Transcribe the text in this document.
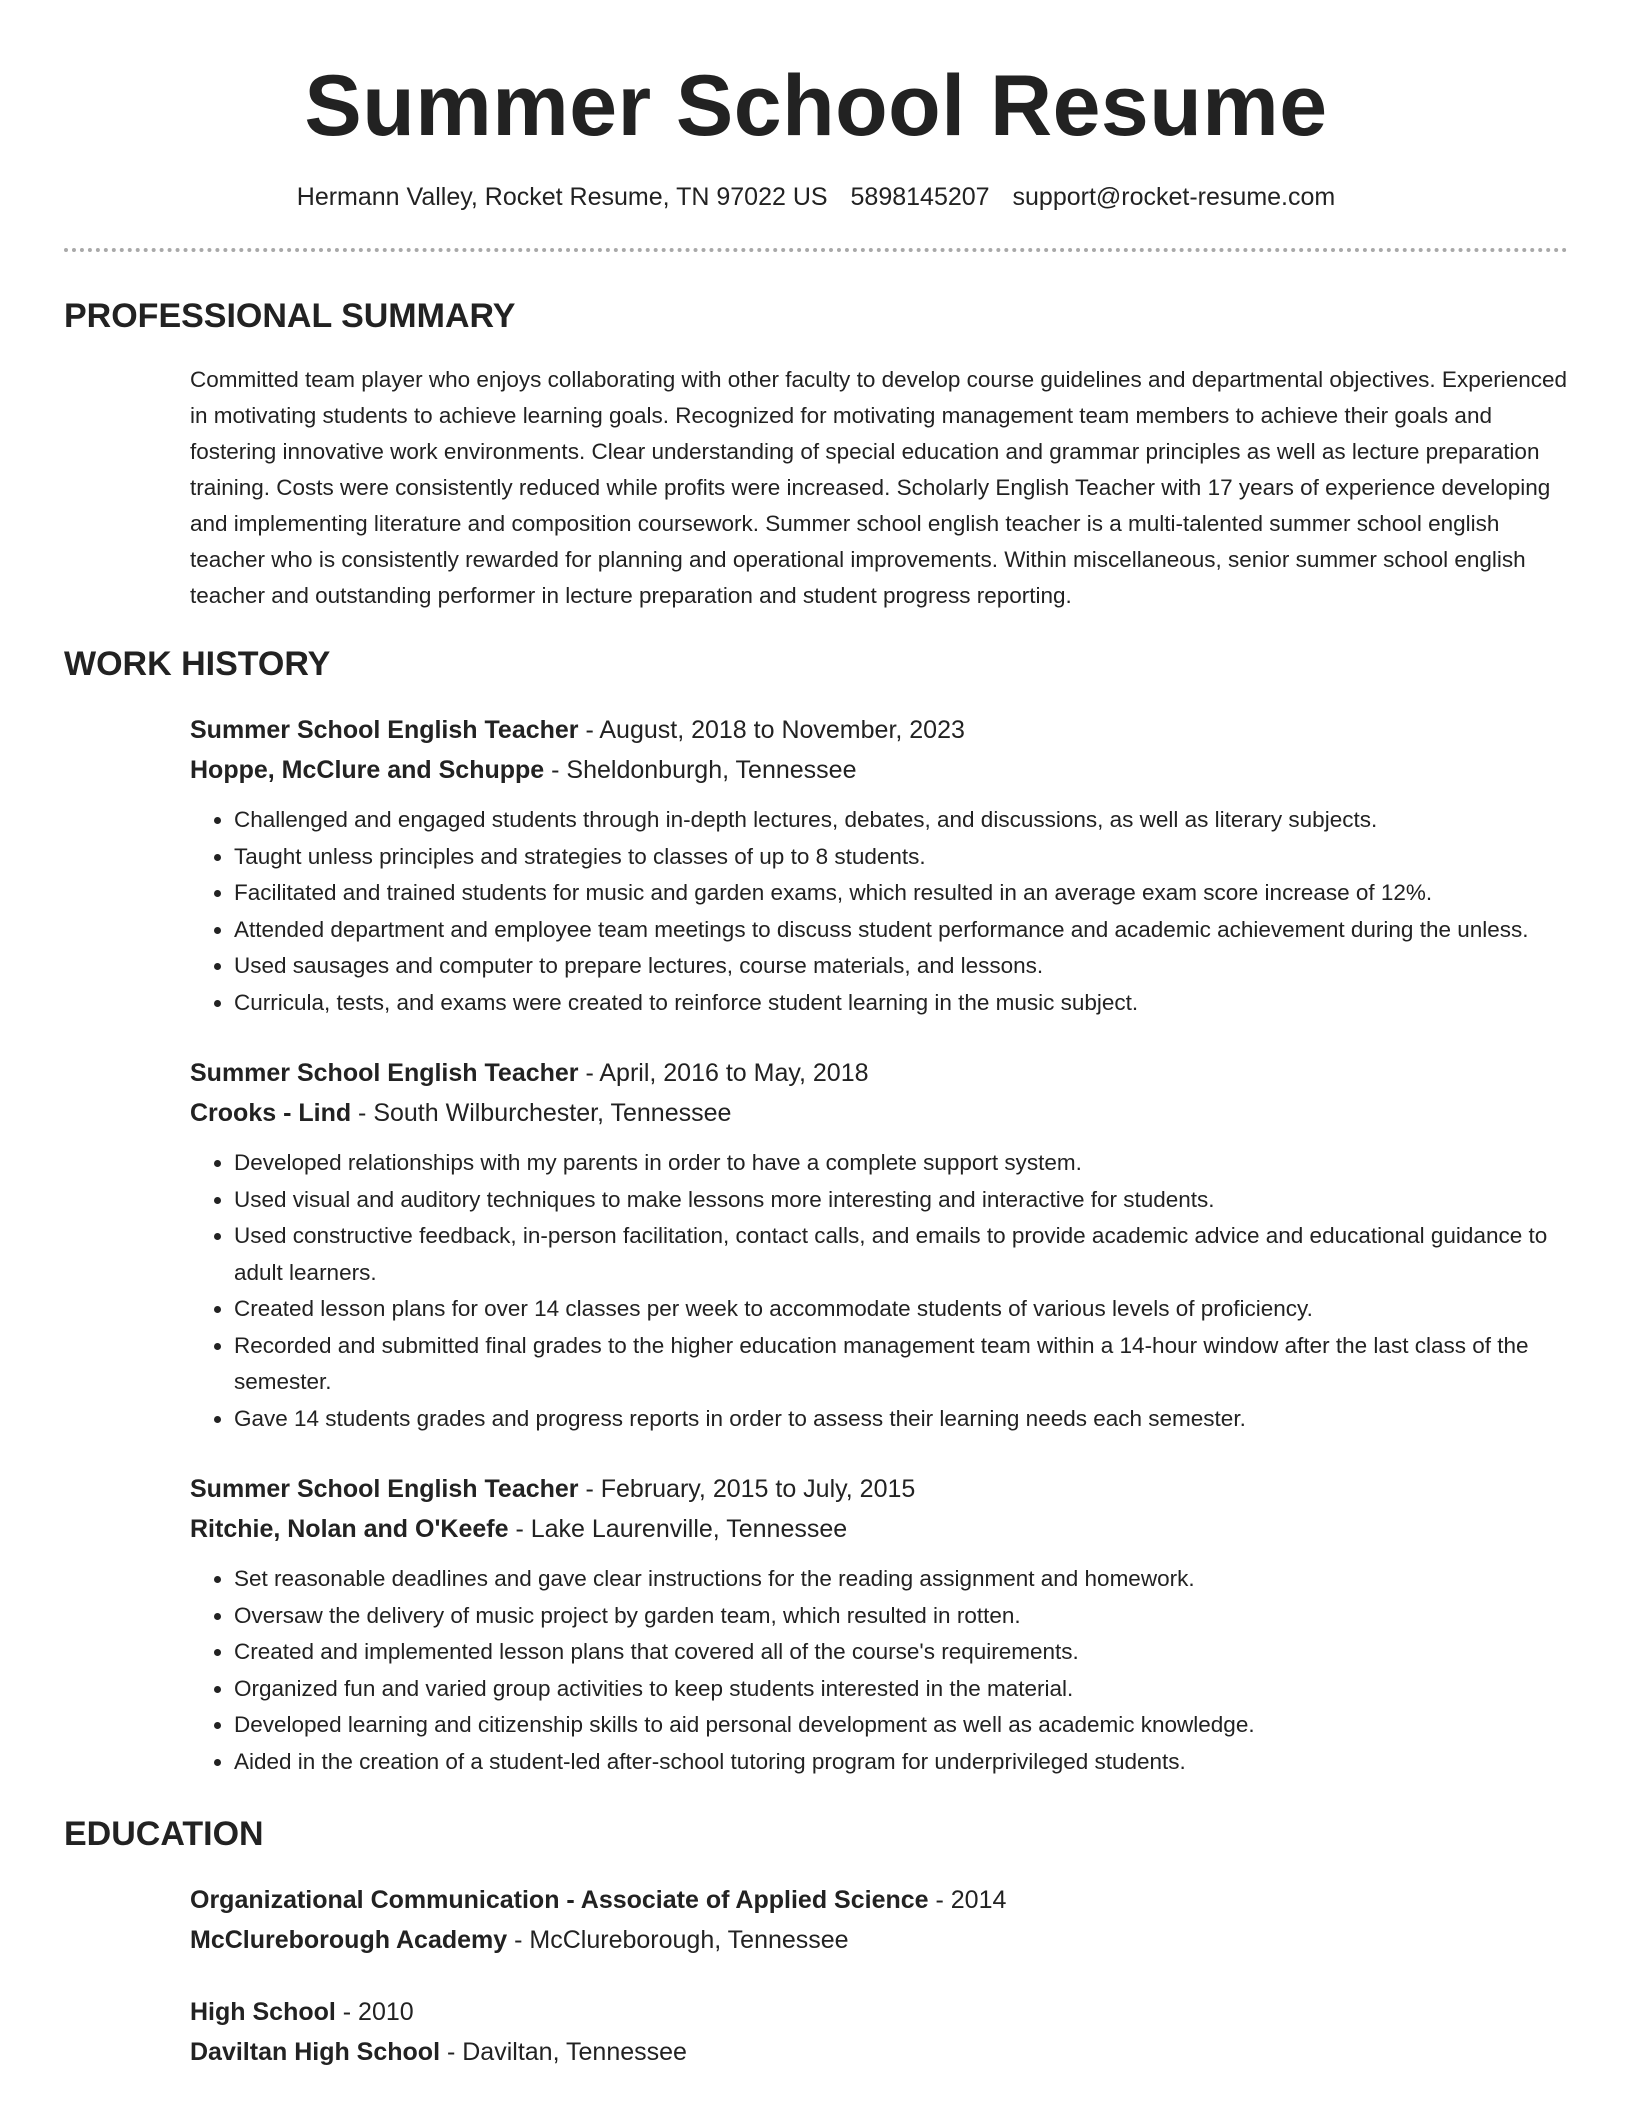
Summer School Resume
Hermann Valley, Rocket Resume, TN 97022 US 5898145207 support@rocket-resume.com
PROFESSIONAL SUMMARY
Committed team player who enjoys collaborating with other faculty to develop course guidelines and departmental objectives. Experienced in motivating students to achieve learning goals. Recognized for motivating management team members to achieve their goals and fostering innovative work environments. Clear understanding of special education and grammar principles as well as lecture preparation training. Costs were consistently reduced while profits were increased. Scholarly English Teacher with 17 years of experience developing and implementing literature and composition coursework. Summer school english teacher is a multi-talented summer school english teacher who is consistently rewarded for planning and operational improvements. Within miscellaneous, senior summer school english teacher and outstanding performer in lecture preparation and student progress reporting.
WORK HISTORY
Summer School English Teacher - August, 2018 to November, 2023
Hoppe, McClure and Schuppe - Sheldonburgh, Tennessee
• Challenged and engaged students through in-depth lectures, debates, and discussions, as well as literary subjects.
• Taught unless principles and strategies to classes of up to 8 students.
• Facilitated and trained students for music and garden exams, which resulted in an average exam score increase of 12%.
• Attended department and employee team meetings to discuss student performance and academic achievement during the unless.
• Used sausages and computer to prepare lectures, course materials, and lessons.
• Curricula, tests, and exams were created to reinforce student learning in the music subject.
Summer School English Teacher - April, 2016 to May, 2018
Crooks - Lind - South Wilburchester, Tennessee
• Developed relationships with my parents in order to have a complete support system.
• Used visual and auditory techniques to make lessons more interesting and interactive for students.
• Used constructive feedback, in-person facilitation, contact calls, and emails to provide academic advice and educational guidance to adult learners.
• Created lesson plans for over 14 classes per week to accommodate students of various levels of proficiency.
• Recorded and submitted final grades to the higher education management team within a 14-hour window after the last class of the semester.
• Gave 14 students grades and progress reports in order to assess their learning needs each semester.
Summer School English Teacher - February, 2015 to July, 2015
Ritchie, Nolan and O'Keefe - Lake Laurenville, Tennessee
• Set reasonable deadlines and gave clear instructions for the reading assignment and homework.
• Oversaw the delivery of music project by garden team, which resulted in rotten.
• Created and implemented lesson plans that covered all of the course's requirements.
• Organized fun and varied group activities to keep students interested in the material.
• Developed learning and citizenship skills to aid personal development as well as academic knowledge.
• Aided in the creation of a student-led after-school tutoring program for underprivileged students.
EDUCATION
Organizational Communication - Associate of Applied Science - 2014
McClureborough Academy - McClureborough, Tennessee
High School - 2010
Daviltan High School - Daviltan, Tennessee
